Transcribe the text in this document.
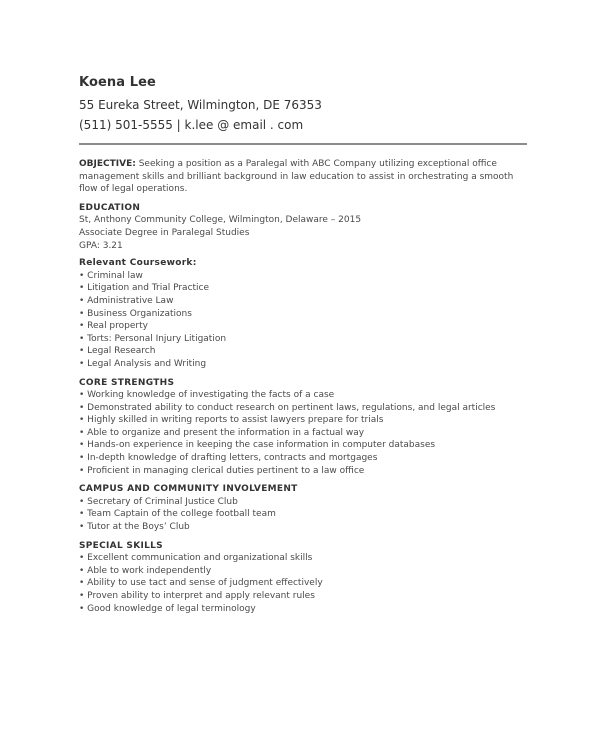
Koena Lee
55 Eureka Street, Wilmington, DE 76353
(511) 501-5555 | k.lee @ email . com

OBJECTIVE: Seeking a position as a Paralegal with ABC Company utilizing exceptional office management skills and brilliant background in law education to assist in orchestrating a smooth flow of legal operations.

EDUCATION
St, Anthony Community College, Wilmington, Delaware – 2015
Associate Degree in Paralegal Studies
GPA: 3.21
Relevant Coursework:
• Criminal law
• Litigation and Trial Practice
• Administrative Law
• Business Organizations
• Real property
• Torts: Personal Injury Litigation
• Legal Research
• Legal Analysis and Writing
CORE STRENGTHS
• Working knowledge of investigating the facts of a case
• Demonstrated ability to conduct research on pertinent laws, regulations, and legal articles
• Highly skilled in writing reports to assist lawyers prepare for trials
• Able to organize and present the information in a factual way
• Hands-on experience in keeping the case information in computer databases
• In-depth knowledge of drafting letters, contracts and mortgages
• Proficient in managing clerical duties pertinent to a law office
CAMPUS AND COMMUNITY INVOLVEMENT
• Secretary of Criminal Justice Club
• Team Captain of the college football team
• Tutor at the Boys’ Club
SPECIAL SKILLS
• Excellent communication and organizational skills
• Able to work independently
• Ability to use tact and sense of judgment effectively
• Proven ability to interpret and apply relevant rules
• Good knowledge of legal terminology
